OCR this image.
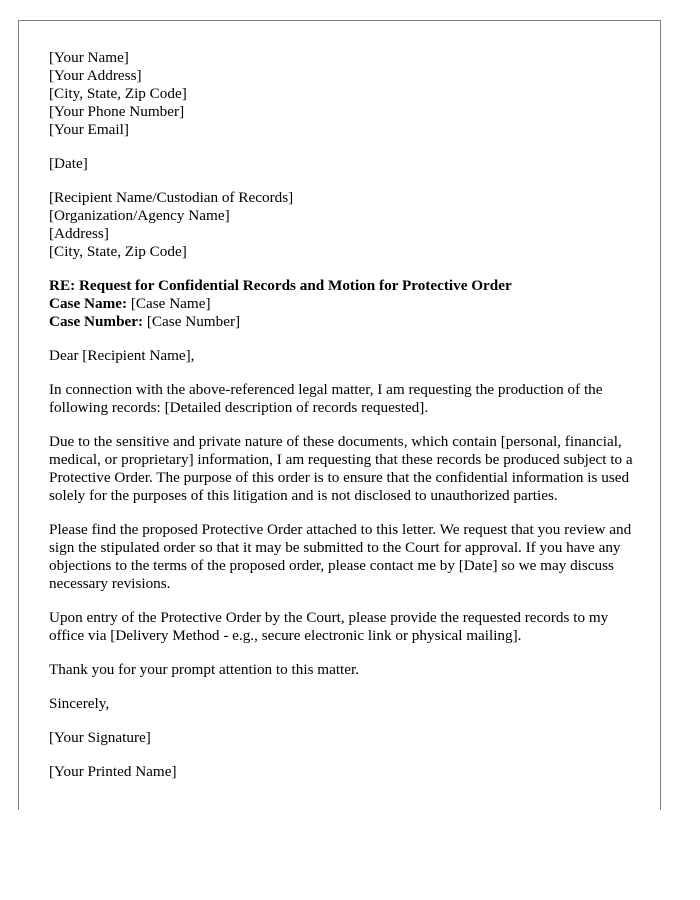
[Your Name]
[Your Address]
[City, State, Zip Code]
[Your Phone Number]
[Your Email]
[Date]
[Recipient Name/Custodian of Records]
[Organization/Agency Name]
[Address]
[City, State, Zip Code]
RE: Request for Confidential Records and Motion for Protective Order
Case Name: [Case Name]
Case Number: [Case Number]

Dear [Recipient Name],

In connection with the above-referenced legal matter, I am requesting the production of the following records: [Detailed description of records requested].

Due to the sensitive and private nature of these documents, which contain [personal, financial, medical, or proprietary] information, I am requesting that these records be produced subject to a Protective Order. The purpose of this order is to ensure that the confidential information is used solely for the purposes of this litigation and is not disclosed to unauthorized parties.

Please find the proposed Protective Order attached to this letter. We request that you review and sign the stipulated order so that it may be submitted to the Court for approval. If you have any objections to the terms of the proposed order, please contact me by [Date] so we may discuss necessary revisions.

Upon entry of the Protective Order by the Court, please provide the requested records to my office via [Delivery Method - e.g., secure electronic link or physical mailing].

Thank you for your prompt attention to this matter.

Sincerely,

[Your Signature]

[Your Printed Name]
